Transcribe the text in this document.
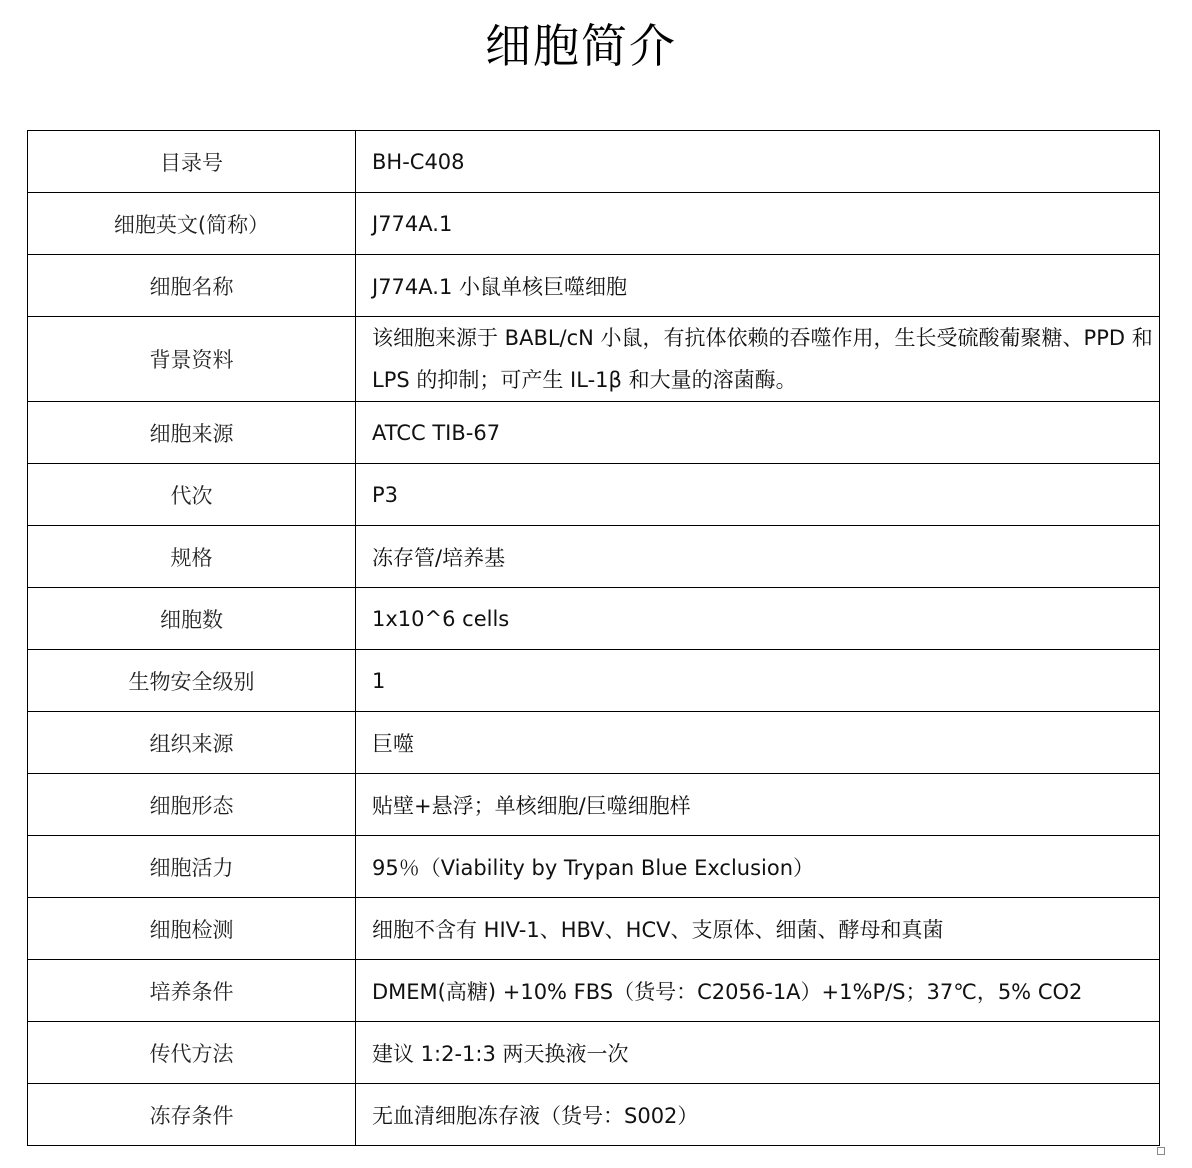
细胞简介
目录号	BH-C408
细胞英文(简称）	J774A.1
细胞名称	J774A.1 小鼠单核巨噬细胞
背景资料	该细胞来源于 BABL/cN 小鼠，有抗体依赖的吞噬作用，生长受硫酸葡聚糖、PPD 和 LPS 的抑制；可产生 IL-1β 和大量的溶菌酶。
细胞来源	ATCC TIB-67
代次	P3
规格	冻存管/培养基
细胞数	1x10^6 cells
生物安全级别	1
组织来源	巨噬
细胞形态	贴壁+悬浮；单核细胞/巨噬细胞样
细胞活力	95％（Viability by Trypan Blue Exclusion）
细胞检测	细胞不含有 HIV-1、HBV、HCV、支原体、细菌、酵母和真菌
培养条件	DMEM(高糖) +10% FBS（货号：C2056-1A）+1%P/S；37℃，5% CO2
传代方法	建议 1:2-1:3 两天换液一次
冻存条件	无血清细胞冻存液（货号：S002）
